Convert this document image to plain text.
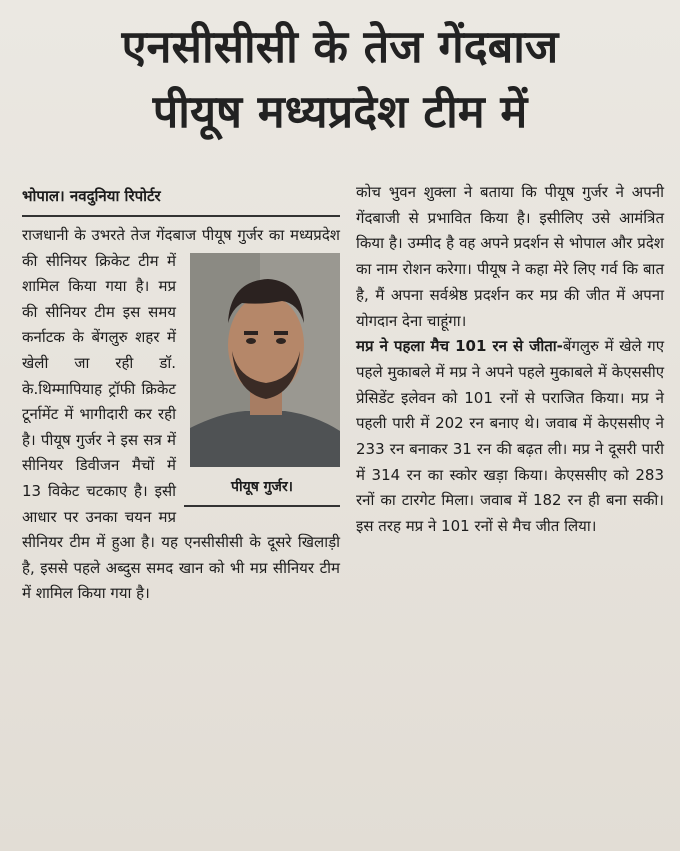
एनसीसीसी के तेज गेंदबाज
पीयूष मध्यप्रदेश टीम में
भोपाल। नवदुनिया रिपोर्टर

राजधानी के उभरते तेज गेंदबाज पीयूष गुर्जर का मध्यप्रदेश की सीनियर क्रिकेट
पीयूष गुर्जर।
टीम में शामिल किया गया है। मप्र की सीनियर टीम इस समय कर्नाटक के बेंगलुरु शहर में खेली जा रही डॉ. के.थिम्मापियाह ट्रॉफी क्रिकेट टूर्नामेंट में भागीदारी कर रही है। पीयूष गुर्जर ने इस सत्र में सीनियर डिवीजन मैचों में 13 विकेट चटकाए है। इसी आधार पर उनका चयन मप्र सीनियर टीम में हुआ है। यह एनसीसीसी के दूसरे खिलाड़ी है, इससे पहले अब्दुस समद खान को भी मप्र सीनियर टीम में शामिल किया गया है।

कोच भुवन शुक्ला ने बताया कि पीयूष गुर्जर ने अपनी गेंदबाजी से प्रभावित किया है। इसीलिए उसे आमंत्रित किया है। उम्मीद है वह अपने प्रदर्शन से भोपाल और प्रदेश का नाम रोशन करेगा। पीयूष ने कहा मेरे लिए गर्व कि बात है, मैं अपना सर्वश्रेष्ठ प्रदर्शन कर मप्र की जीत में अपना योगदान देना चाहूंगा।

मप्र ने पहला मैच 101 रन से जीता-बेंगलुरु में खेले गए पहले मुकाबले में मप्र ने अपने पहले मुकाबले में केएससीए प्रेसिडेंट इलेवन को 101 रनों से पराजित किया। मप्र ने पहली पारी में 202 रन बनाए थे। जवाब में केएससीए ने 233 रन बनाकर 31 रन की बढ़त ली। मप्र ने दूसरी पारी में 314 रन का स्कोर खड़ा किया। केएससीए को 283 रनों का टारगेट मिला। जवाब में 182 रन ही बना सकी। इस तरह मप्र ने 101 रनों से मैच जीत लिया।
